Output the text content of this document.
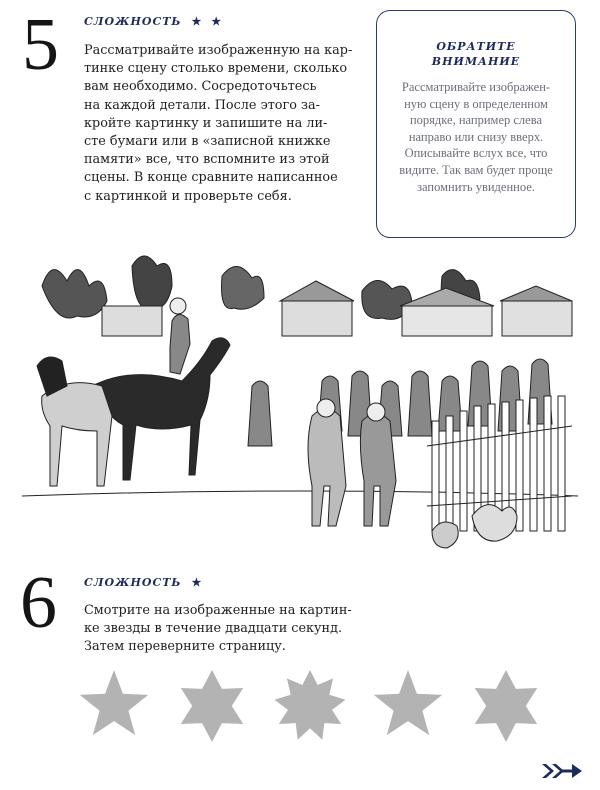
5 СЛОЖНОСТЬ ★ ★

Рассматривайте изображенную на кар-
тинке сцену столько времени, сколько
вам необходимо. Сосредоточьтесь
на каждой детали. После этого за-
кройте картинку и запишите на ли-
сте бумаги или в «записной книжке
памяти» все, что вспомните из этой
сцены. В конце сравните написанное
с картинкой и проверьте себя.

ОБРАТИТЕ
ВНИМАНИЕ
Рассматривайте изображен-
ную сцену в определенном
порядке, например слева
направо или снизу вверх.
Описывайте вслух все, что
видите. Так вам будет проще
запомнить увиденное.
6 СЛОЖНОСТЬ ★

Смотрите на изображенные на картин-
ке звезды в течение двадцати секунд.
Затем переверните страницу.
